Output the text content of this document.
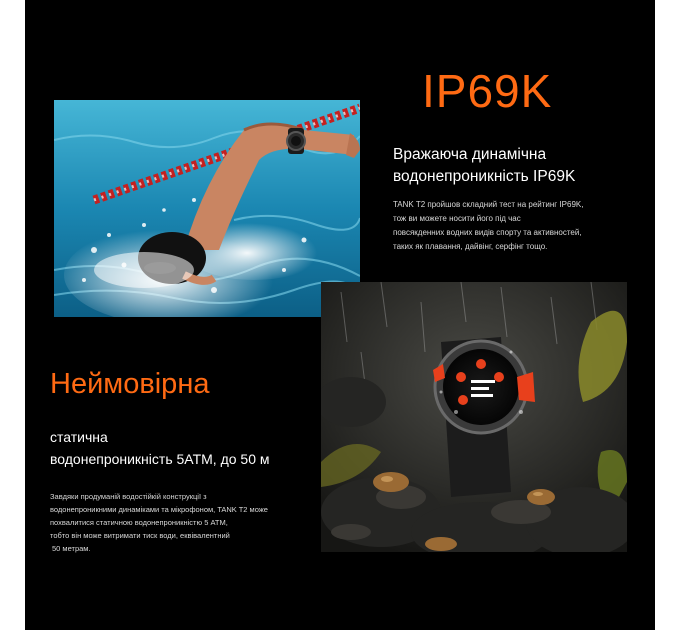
IP69K
Вражаюча динамічна
водонепроникність IP69K
TANK T2 пройшов складний тест на рейтинг IP69K,
тож ви можете носити його під час
повсякденних водних видів спорту та активностей,
таких як плавання, дайвінг, серфінг тощо.
Неймовірна
статична
водонепроникність 5ATM, до 50 м
Завдяки продуманій водостійкій конструкції з
водонепроникними динаміками та мікрофоном, TANK T2 може
похвалитися статичною водонепроникністю 5 АТМ,
тобто він може витримати тиск води, еквівалентний
50 метрам.
